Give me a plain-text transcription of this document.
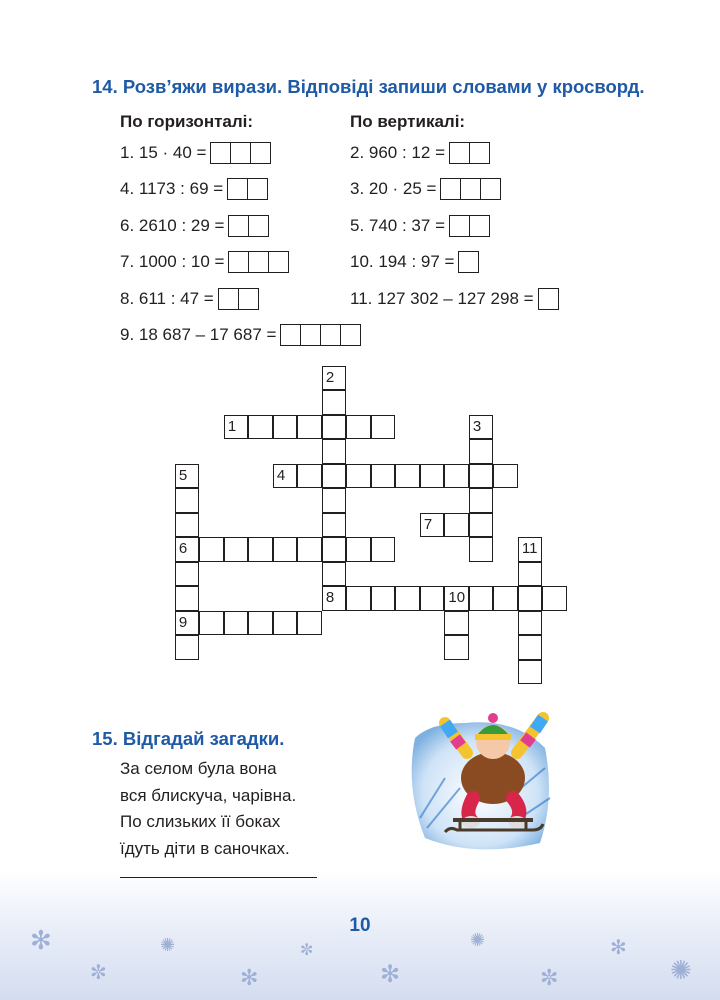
✻
✼
✺
✻
✼
✻
✺
✼
✻
✺
14. Розв’яжи вирази. Відповіді запиши словами у кросворд.
По горизонталі:	По вертикалі:
1. 15 · 40 =
4. 1173 : 69 =
6. 2610 : 29 =
7. 1000 : 10 =
8. 611 : 47 =
9. 18 687 – 17 687 =
2. 960 : 12 =
3. 20 · 25 =
5. 740 : 37 =
10. 194 : 97 =
11. 127 302 – 127 298 =
2
3
5
6
9
10
11
1
4
7
8
15. Відгадай загадки.
За селом була вона
вся блискуча, чарівна.
По слизьких її боках
їдуть діти в саночках.
10
